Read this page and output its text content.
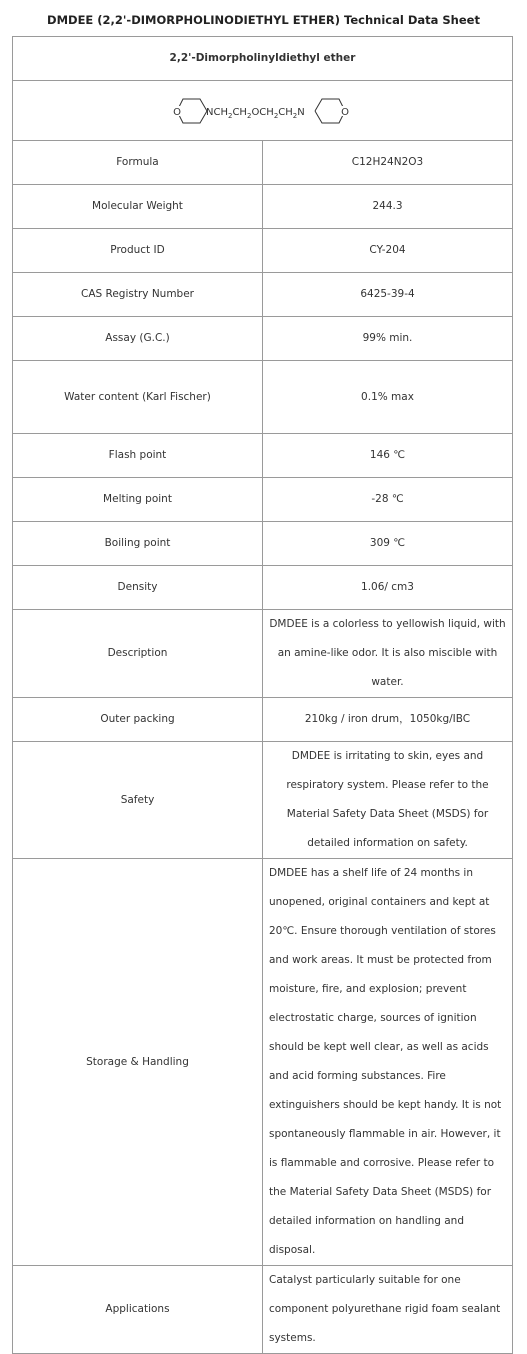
DMDEE (2,2'-DIMORPHOLINODIETHYL ETHER) Technical Data Sheet
2,2'-Dimorpholinyldiethyl ether	

O O
$NCH_2CH_2OCH_2CH_2N$	

Formula	C12H24N2O3
Molecular Weight	244.3
Product ID	CY-204
CAS Registry Number	6425-39-4
Assay (G.C.)	99% min.
Water content (Karl Fischer)	0.1% max
Flash point	146 ℃
Melting point	-28 ℃
Boiling point	309 ℃
Density	1.06/ cm3
Description	DMDEE is a colorless to yellowish liquid, with an amine-like odor. It is also miscible with water.
Outer packing	210kg / iron drum，1050kg/IBC
Safety	DMDEE is irritating to skin, eyes and respiratory system. Please refer to the Material Safety Data Sheet (MSDS) for detailed information on safety.
Storage & Handling	DMDEE has a shelf life of 24 months in unopened, original containers and kept at 20℃. Ensure thorough ventilation of stores and work areas. It must be protected from moisture, fire, and explosion; prevent electrostatic charge, sources of ignition should be kept well clear, as well as acids and acid forming substances. Fire extinguishers should be kept handy. It is not spontaneously flammable in air. However, it is flammable and corrosive. Please refer to the Material Safety Data Sheet (MSDS) for detailed information on handling and disposal.
Applications	Catalyst particularly suitable for one component polyurethane rigid foam sealant systems.
